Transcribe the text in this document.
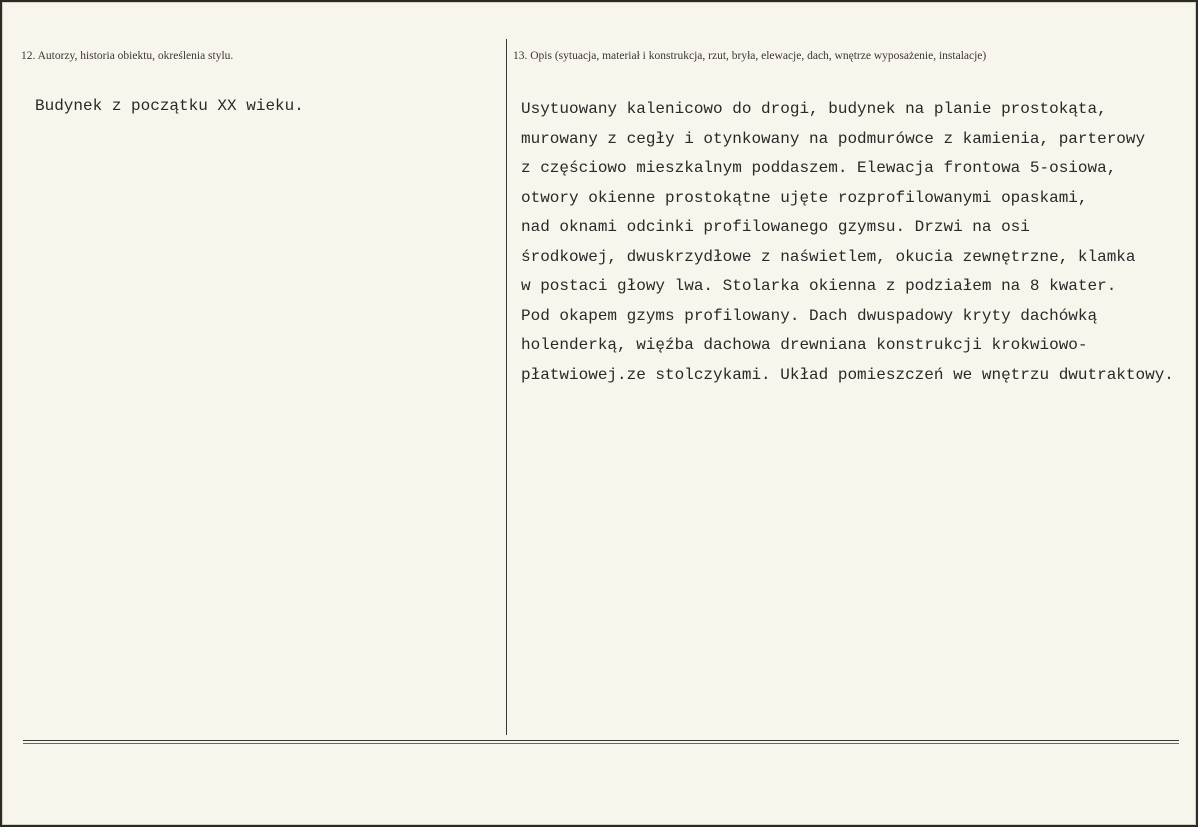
12. Autorzy, historia obiektu, określenia stylu.
Budynek z początku XX wieku.
13. Opis (sytuacja, materiał i konstrukcja, rzut, bryła, elewacje, dach, wnętrze wyposażenie, instalacje)
Usytuowany kalenicowo do drogi, budynek na planie prostokąta,
murowany z cegły i otynkowany na podmurówce z kamienia, parterowy
z częściowo mieszkalnym poddaszem. Elewacja frontowa 5-osiowa,
otwory okienne prostokątne ujęte rozprofilowanymi opaskami,
nad oknami odcinki profilowanego gzymsu. Drzwi na osi
środkowej, dwuskrzydłowe z naświetlem, okucia zewnętrzne, klamka
w postaci głowy lwa. Stolarka okienna z podziałem na 8 kwater.
Pod okapem gzyms profilowany. Dach dwuspadowy kryty dachówką
holenderką, więźba dachowa drewniana konstrukcji krokwiowo-
płatwiowej.ze stolczykami. Układ pomieszczeń we wnętrzu dwutraktowy.
